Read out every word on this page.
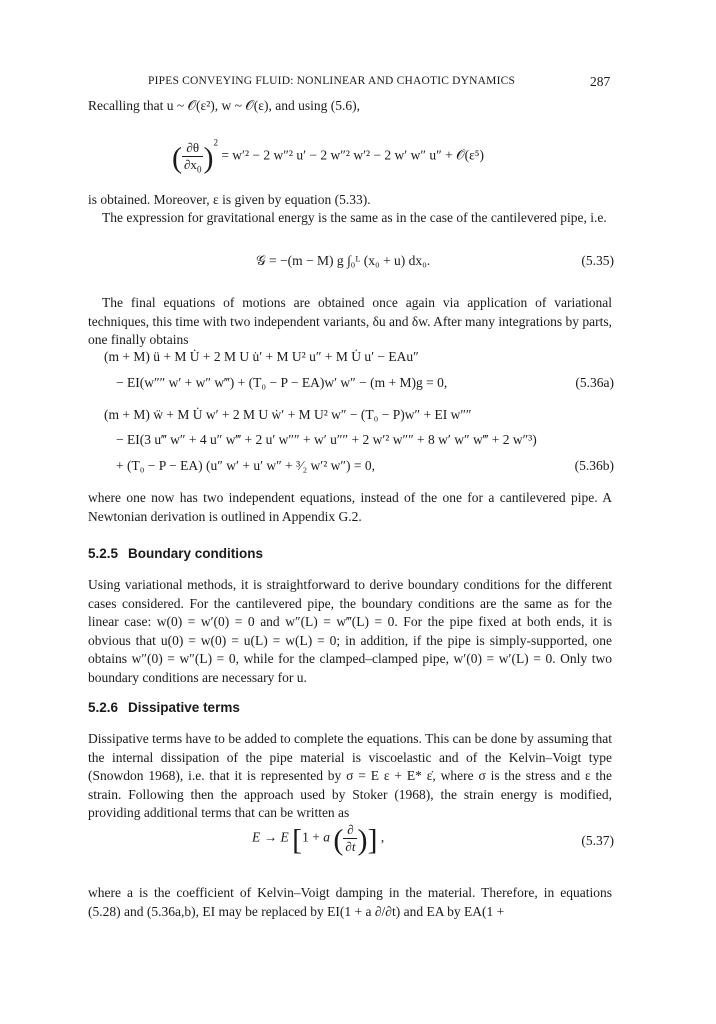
PIPES CONVEYING FLUID: NONLINEAR AND CHAOTIC DYNAMICS	287
Recalling that u ~ 𝒪(ε²), w ~ 𝒪(ε), and using (5.6),
( $\frac{\partial\theta}{\partial x_0} )^2 = w'^2 - 2$ w″² u′ − 2 w″² w′² − 2 w′ w″ u″ + 𝒪(ε⁵)
is obtained. Moreover, ε is given by equation (5.33).
The expression for gravitational energy is the same as in the case of the cantilevered pipe, i.e.
𝒢 = −(m − M) g ∫₀ᴸ (x₀ + u) dx₀.	(5.35)
The final equations of motions are obtained once again via application of variational techniques, this time with two independent variants, δu and δw. After many integrations by parts, one finally obtains
(m + M) ü + M U̇ + 2 M U u̇′ + M U² u″ + M U̇ u′ − EAu″
− EI(w″″ w′ + w″ w‴) + (T₀ − P − EA)w′ w″ − (m + M)g = 0,	(5.36a)
(m + M) ẅ + M U̇ w′ + 2 M U ẇ′ + M U² w″ − (T₀ − P)w″ + EI w″″
− EI(3 u‴ w″ + 4 u″ w‴ + 2 u′ w″″ + w′ u″″ + 2 w′² w″″ + 8 w′ w″ w‴ + 2 w″³)
+ (T₀ − P − EA) (u″ w′ + u′ w″ + ³⁄₂ w′² w″) = 0,	(5.36b)
where one now has two independent equations, instead of the one for a cantilevered pipe. A Newtonian derivation is outlined in Appendix G.2.
5.2.5 Boundary conditions
Using variational methods, it is straightforward to derive boundary conditions for the different cases considered. For the cantilevered pipe, the boundary conditions are the same as for the linear case: w(0) = w′(0) = 0 and w″(L) = w‴(L) = 0. For the pipe fixed at both ends, it is obvious that u(0) = w(0) = u(L) = w(L) = 0; in addition, if the pipe is simply-supported, one obtains w″(0) = w″(L) = 0, while for the clamped–clamped pipe, w′(0) = w′(L) = 0. Only two boundary conditions are necessary for u.
5.2.6 Dissipative terms
Dissipative terms have to be added to complete the equations. This can be done by assuming that the internal dissipation of the pipe material is viscoelastic and of the Kelvin–Voigt type (Snowdon 1968), i.e. that it is represented by σ = E ε + E* ε̇, where σ is the stress and ε the strain. Following then the approach used by Stoker (1968), the strain energy is modified, providing additional terms that can be written as
E → E [1 + a ( $\frac{\partial}{\partial t}$ )] ,	(5.37)
where a is the coefficient of Kelvin–Voigt damping in the material. Therefore, in equations (5.28) and (5.36a,b), EI may be replaced by EI(1 + a ∂/∂t) and EA by EA(1 +
